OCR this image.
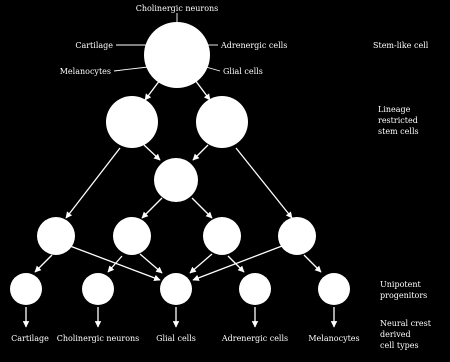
Cholinergic neurons
Cartilage
Melanocytes
Adrenergic cells
Glial cells
Stem-like cell
Lineage
restricted
stem cells
Unipotent
progenitors
Neural crest
derived
cell types
Cartilage Cholinergic neurons Glial cells	Adrenergic cells	Melanocytes
